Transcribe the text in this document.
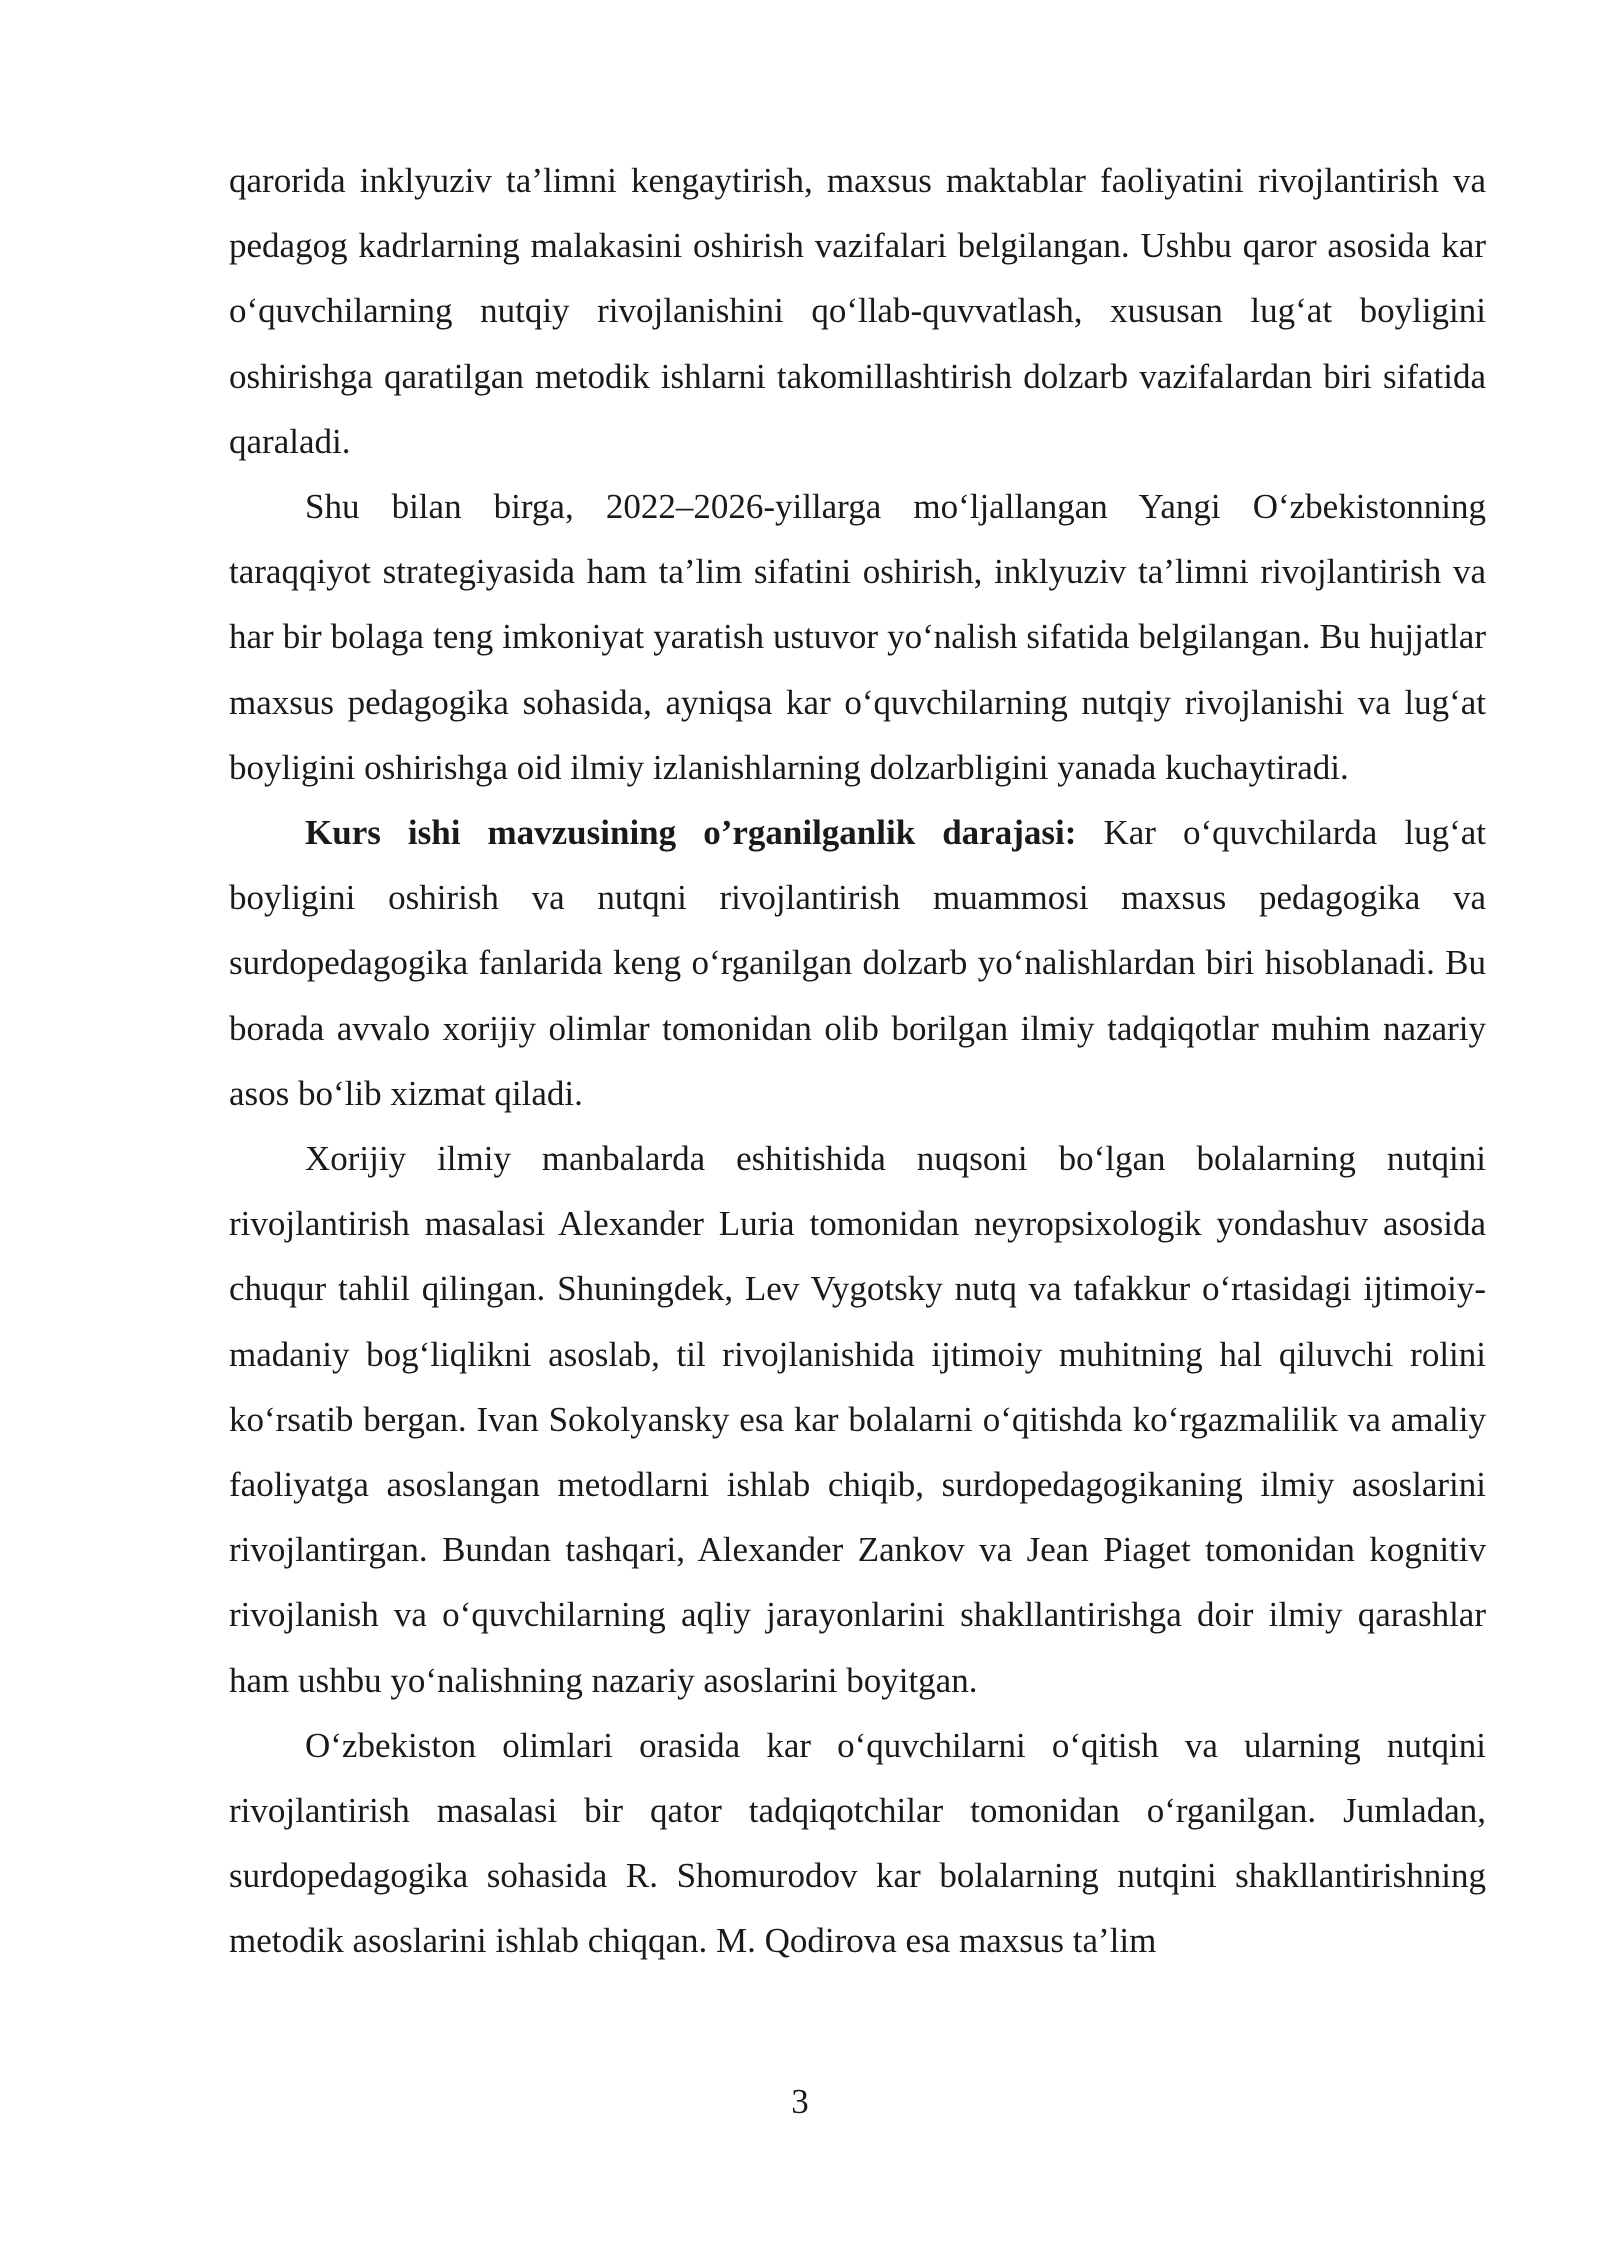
qarorida inklyuziv ta’limni kengaytirish, maxsus maktablar faoliyatini rivojlantirish va pedagog kadrlarning malakasini oshirish vazifalari belgilangan. Ushbu qaror asosida kar o‘quvchilarning nutqiy rivojlanishini qo‘llab-quvvatlash, xususan lug‘at boyligini oshirishga qaratilgan metodik ishlarni takomillashtirish dolzarb vazifalardan biri sifatida qaraladi.

Shu bilan birga, 2022–2026-yillarga mo‘ljallangan Yangi O‘zbekistonning taraqqiyot strategiyasida ham ta’lim sifatini oshirish, inklyuziv ta’limni rivojlantirish va har bir bolaga teng imkoniyat yaratish ustuvor yo‘nalish sifatida belgilangan. Bu hujjatlar maxsus pedagogika sohasida, ayniqsa kar o‘quvchilarning nutqiy rivojlanishi va lug‘at boyligini oshirishga oid ilmiy izlanishlarning dolzarbligini yanada kuchaytiradi.

Kurs ishi mavzusining o’rganilganlik darajasi: Kar o‘quvchilarda lug‘at boyligini oshirish va nutqni rivojlantirish muammosi maxsus pedagogika va surdopedagogika fanlarida keng o‘rganilgan dolzarb yo‘nalishlardan biri hisoblanadi. Bu borada avvalo xorijiy olimlar tomonidan olib borilgan ilmiy tadqiqotlar muhim nazariy asos bo‘lib xizmat qiladi.

Xorijiy ilmiy manbalarda eshitishida nuqsoni bo‘lgan bolalarning nutqini rivojlantirish masalasi Alexander Luria tomonidan neyropsixologik yondashuv asosida chuqur tahlil qilingan. Shuningdek, Lev Vygotsky nutq va tafakkur o‘rtasidagi ijtimoiy-madaniy bog‘liqlikni asoslab, til rivojlanishida ijtimoiy muhitning hal qiluvchi rolini ko‘rsatib bergan. Ivan Sokolyansky esa kar bolalarni o‘qitishda ko‘rgazmalilik va amaliy faoliyatga asoslangan metodlarni ishlab chiqib, surdopedagogikaning ilmiy asoslarini rivojlantirgan. Bundan tashqari, Alexander Zankov va Jean Piaget tomonidan kognitiv rivojlanish va o‘quvchilarning aqliy jarayonlarini shakllantirishga doir ilmiy qarashlar ham ushbu yo‘nalishning nazariy asoslarini boyitgan.

O‘zbekiston olimlari orasida kar o‘quvchilarni o‘qitish va ularning nutqini rivojlantirish masalasi bir qator tadqiqotchilar tomonidan o‘rganilgan. Jumladan, surdopedagogika sohasida R. Shomurodov kar bolalarning nutqini shakllantirishning metodik asoslarini ishlab chiqqan. M. Qodirova esa maxsus ta’lim

3
